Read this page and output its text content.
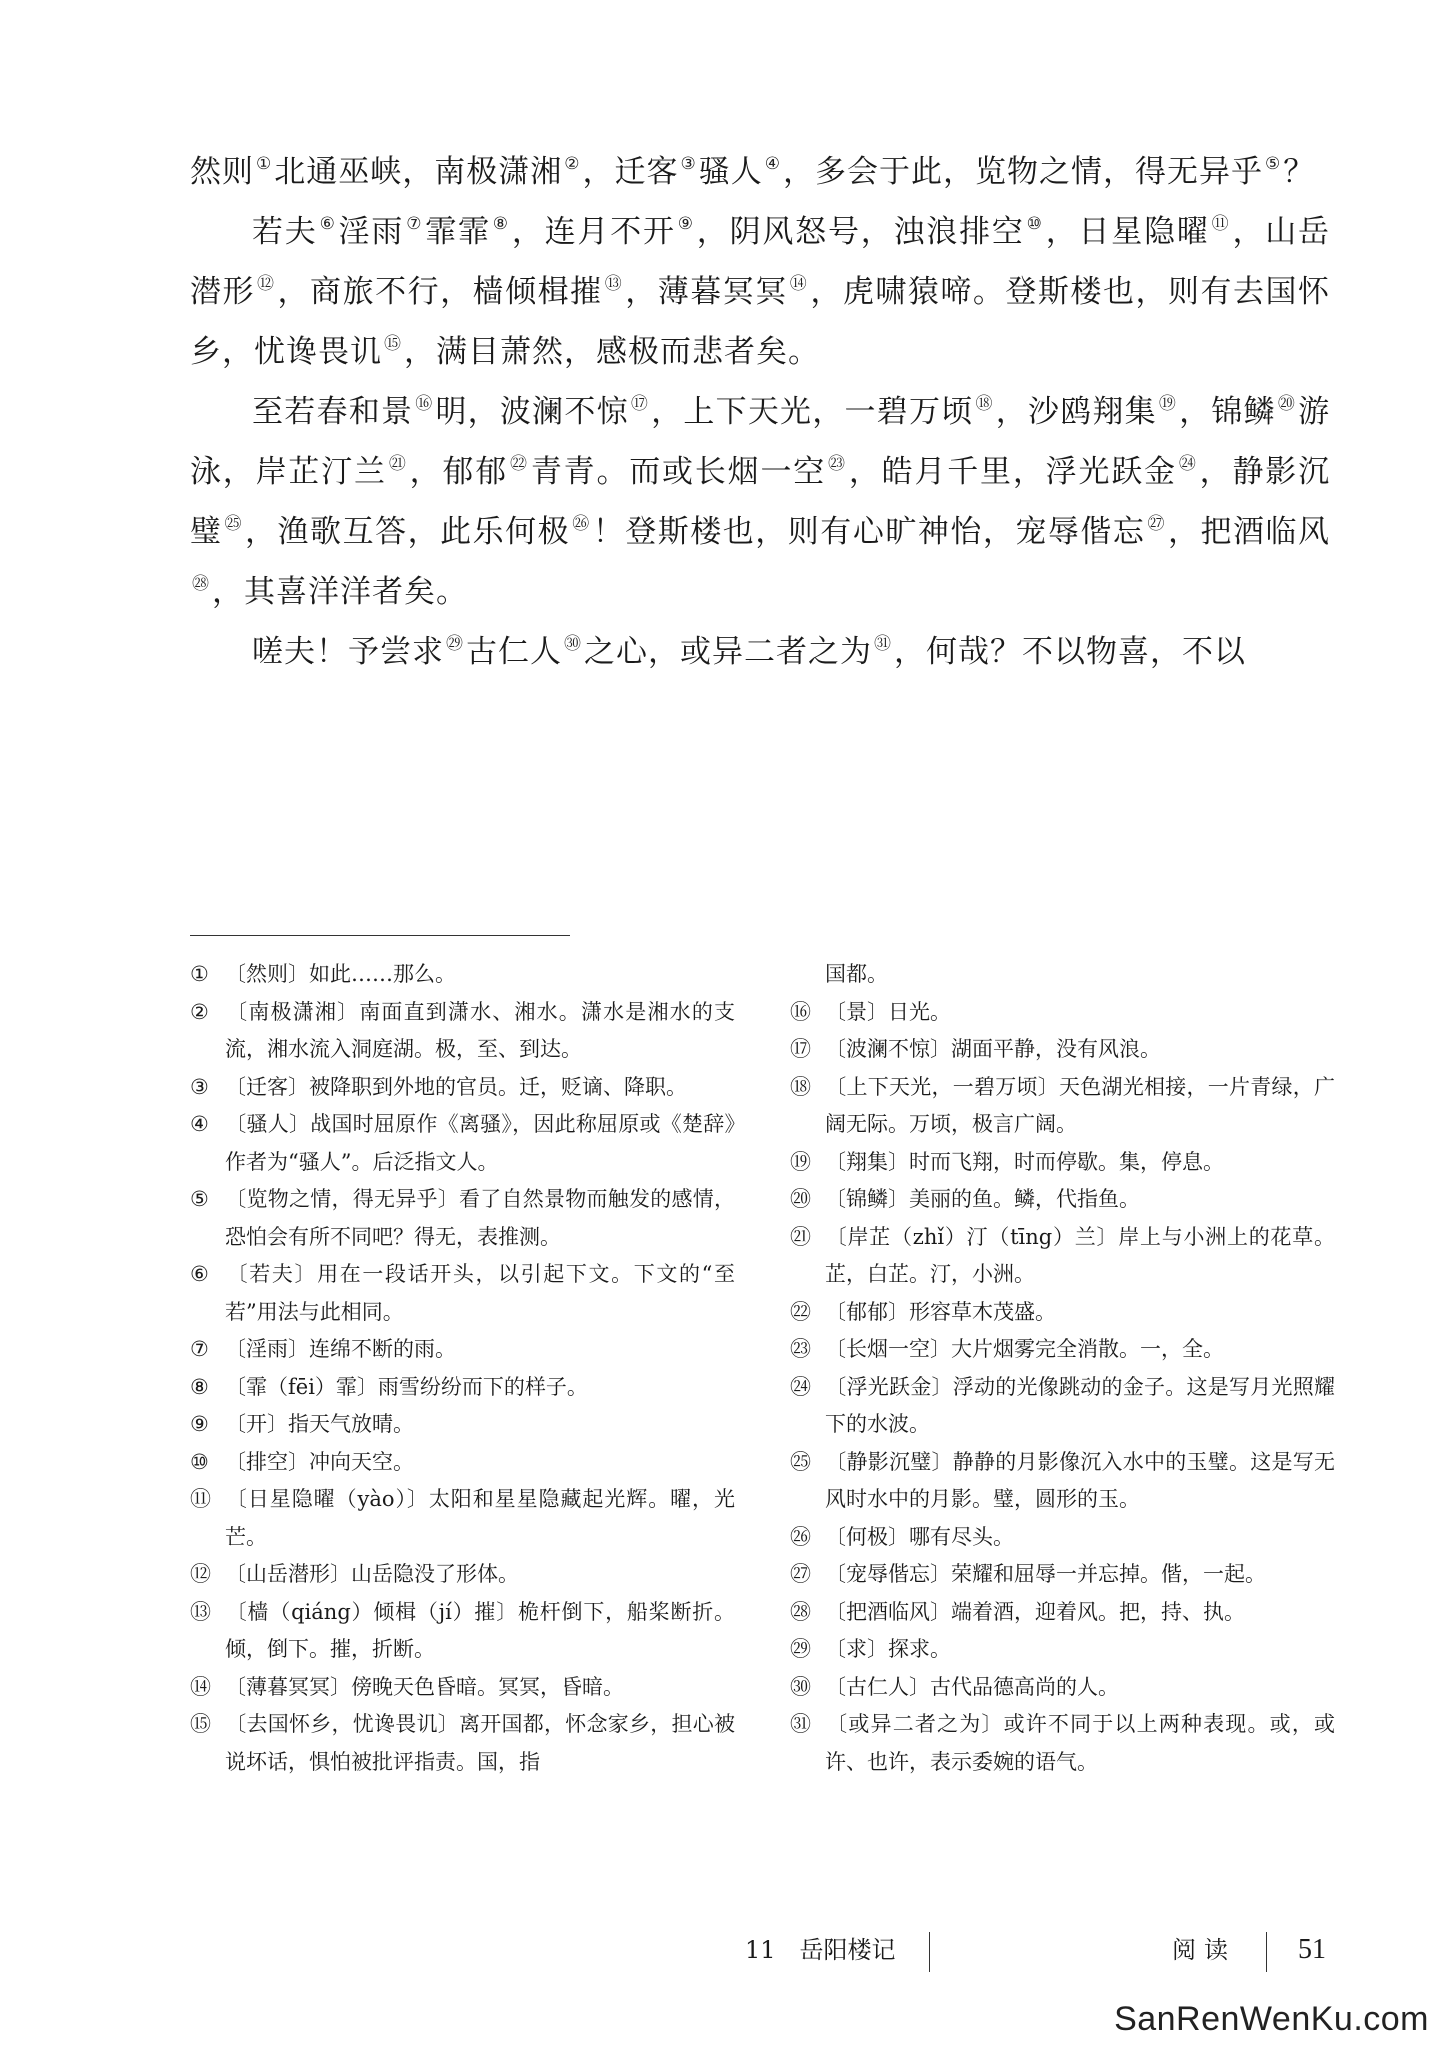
然则 ①北通巫峡，南极潇湘 ②，迁客 ③骚人 ④，多会于此，览物之情，得无异乎 ⑤？

若夫 ⑥淫雨 ⑦霏霏 ⑧，连月不开 ⑨，阴风怒号，浊浪排空 ⑩，日星隐曜 ⑪，山岳潜形 ⑫，商旅不行，樯倾楫摧 ⑬，薄暮冥冥 ⑭，虎啸猿啼。登斯楼也，则有去国怀乡，忧谗畏讥 ⑮，满目萧然，感极而悲者矣。

至若春和景 ⑯明，波澜不惊 ⑰，上下天光，一碧万顷 ⑱，沙鸥翔集 ⑲，锦鳞 ⑳游泳，岸芷汀兰 $^㉑$，郁郁 $^㉒$青青。而或长烟一空 $^㉓$，皓月千里，浮光跃金 $^㉔$，静影沉璧 $^㉕$，渔歌互答，此乐何极 $^㉖$！登斯楼也，则有心旷神怡，宠辱偕忘 $^㉗$，把酒临风$^㉘$，其喜洋洋者矣。

嗟夫！予尝求 $^㉙$古仁人 $^㉚$之心，或异二者之为 $^㉛$，何哉？不以物喜，不以

① 〔然则〕如此……那么。

② 〔南极潇湘〕南面直到潇水、湘水。潇水是湘水的支流，湘水流入洞庭湖。极，至、到达。

③ 〔迁客〕被降职到外地的官员。迁，贬谪、降职。

④ 〔骚人〕战国时屈原作《离骚》，因此称屈原或《楚辞》作者为“骚人”。后泛指文人。

⑤ 〔览物之情，得无异乎〕看了自然景物而触发的感情，恐怕会有所不同吧？得无，表推测。

⑥ 〔若夫〕用在一段话开头，以引起下文。下文的“至若”用法与此相同。

⑦ 〔淫雨〕连绵不断的雨。

⑧ 〔霏（fēi）霏〕雨雪纷纷而下的样子。

⑨ 〔开〕指天气放晴。

⑩ 〔排空〕冲向天空。

⑪ 〔日星隐曜（yào）〕太阳和星星隐藏起光辉。曜，光芒。

⑫ 〔山岳潜形〕山岳隐没了形体。

⑬ 〔樯（qiáng）倾楫（jí）摧〕桅杆倒下，船桨断折。倾，倒下。摧，折断。

⑭ 〔薄暮冥冥〕傍晚天色昏暗。冥冥，昏暗。

⑮ 〔去国怀乡，忧谗畏讥〕离开国都，怀念家乡，担心被说坏话，惧怕被批评指责。国，指

国都。

⑯ 〔景〕日光。

⑰ 〔波澜不惊〕湖面平静，没有风浪。

⑱ 〔上下天光，一碧万顷〕天色湖光相接，一片青绿，广阔无际。万顷，极言广阔。

⑲ 〔翔集〕时而飞翔，时而停歇。集，停息。

⑳ 〔锦鳞〕美丽的鱼。鳞，代指鱼。

㉑ 〔岸芷（zhǐ）汀（tīng）兰〕岸上与小洲上的花草。芷，白芷。汀，小洲。

㉒ 〔郁郁〕形容草木茂盛。

㉓ 〔长烟一空〕大片烟雾完全消散。一，全。

㉔ 〔浮光跃金〕浮动的光像跳动的金子。这是写月光照耀下的水波。

㉕ 〔静影沉璧〕静静的月影像沉入水中的玉璧。这是写无风时水中的月影。璧，圆形的玉。

㉖ 〔何极〕哪有尽头。

㉗ 〔宠辱偕忘〕荣耀和屈辱一并忘掉。偕，一起。

㉘ 〔把酒临风〕端着酒，迎着风。把，持、执。

㉙ 〔求〕探求。

㉚ 〔古仁人〕古代品德高尚的人。

㉛ 〔或异二者之为〕或许不同于以上两种表现。或，或许、也许，表示委婉的语气。

11　岳阳楼记	阅读 51
SanRenWenKu.com
